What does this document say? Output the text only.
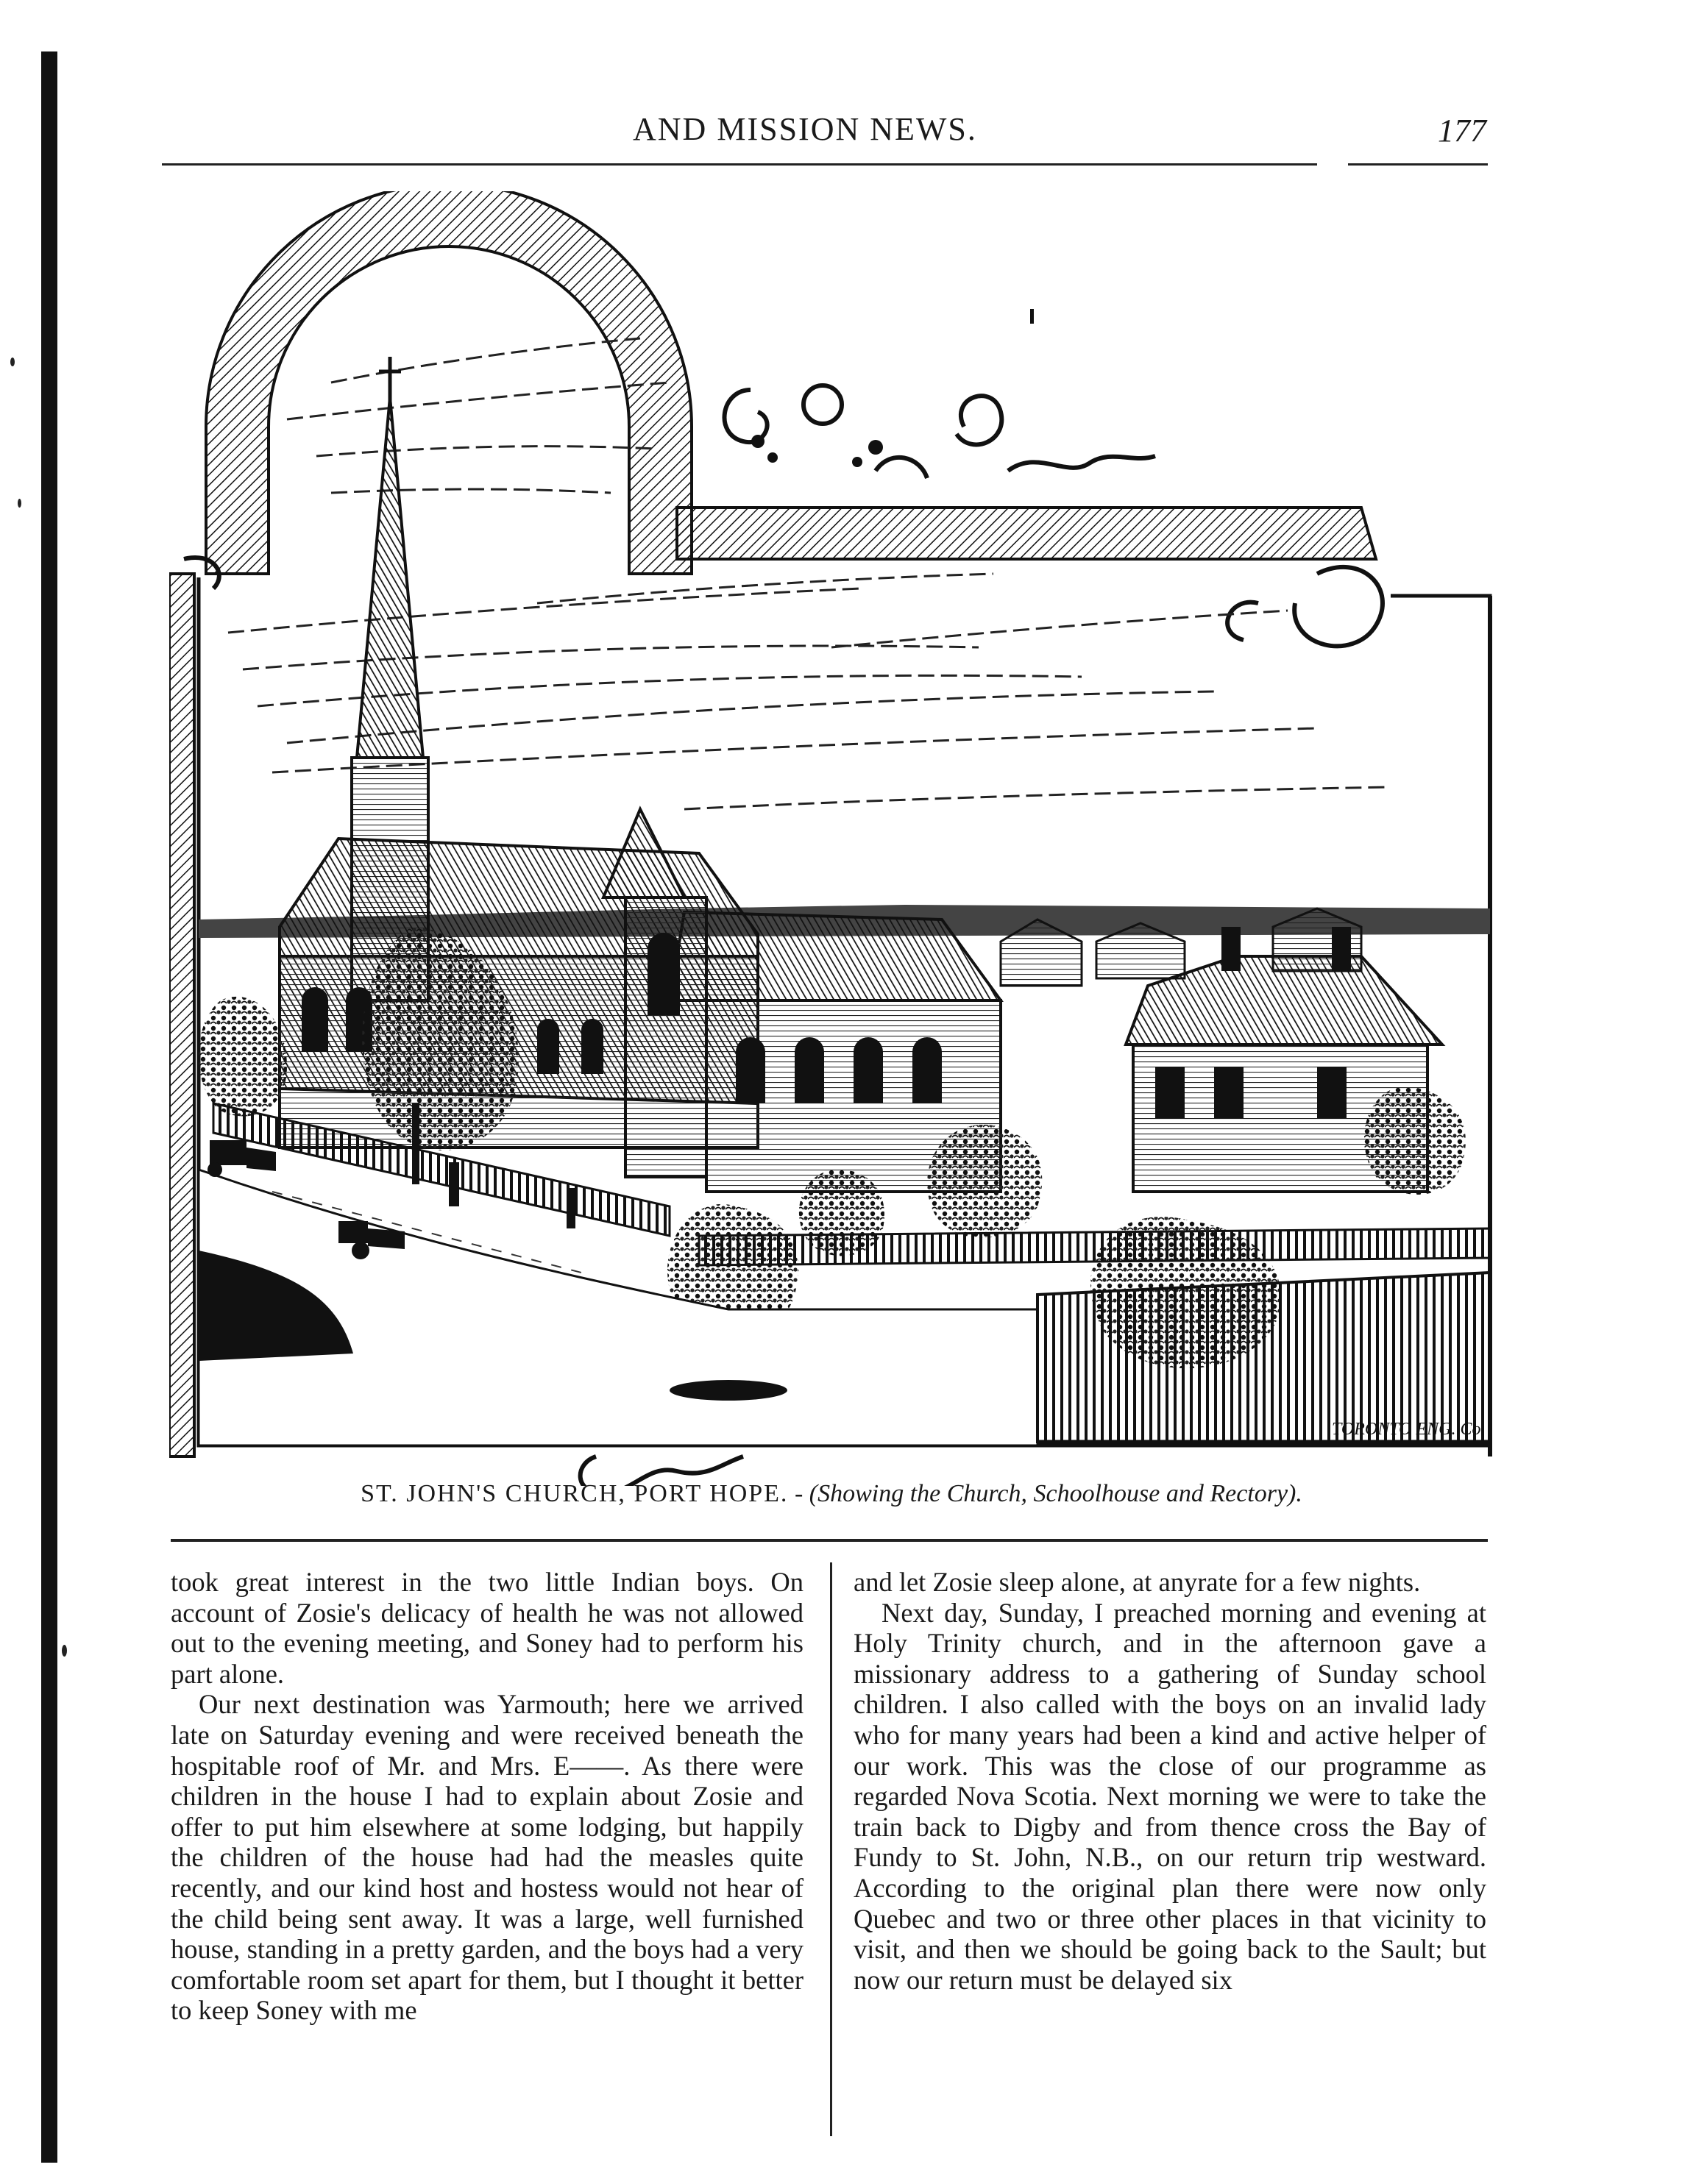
AND MISSION NEWS.	177
TORONTO ENG. Co.
ST. JOHN'S CHURCH, PORT HOPE. - (Showing the Church, Schoolhouse and Rectory).

took great interest in the two little Indian boys. On account of Zosie's delicacy of health he was not allowed out to the evening meeting, and Soney had to perform his part alone.

Our next destination was Yarmouth; here we arrived late on Saturday evening and were received beneath the hospitable roof of Mr. and Mrs. E——. As there were children in the house I had to explain about Zosie and offer to put him elsewhere at some lodging, but happily the children of the house had had the measles quite recently, and our kind host and hostess would not hear of the child being sent away. It was a large, well furnished house, standing in a pretty garden, and the boys had a very comfortable room set apart for them, but I thought it better to keep Soney with me

and let Zosie sleep alone, at anyrate for a few nights.

Next day, Sunday, I preached morning and evening at Holy Trinity church, and in the afternoon gave a missionary address to a gathering of Sunday school children. I also called with the boys on an invalid lady who for many years had been a kind and active helper of our work. This was the close of our programme as regarded Nova Scotia. Next morning we were to take the train back to Digby and from thence cross the Bay of Fundy to St. John, N.B., on our return trip westward. According to the original plan there were now only Quebec and two or three other places in that vicinity to visit, and then we should be going back to the Sault; but now our return must be delayed six
